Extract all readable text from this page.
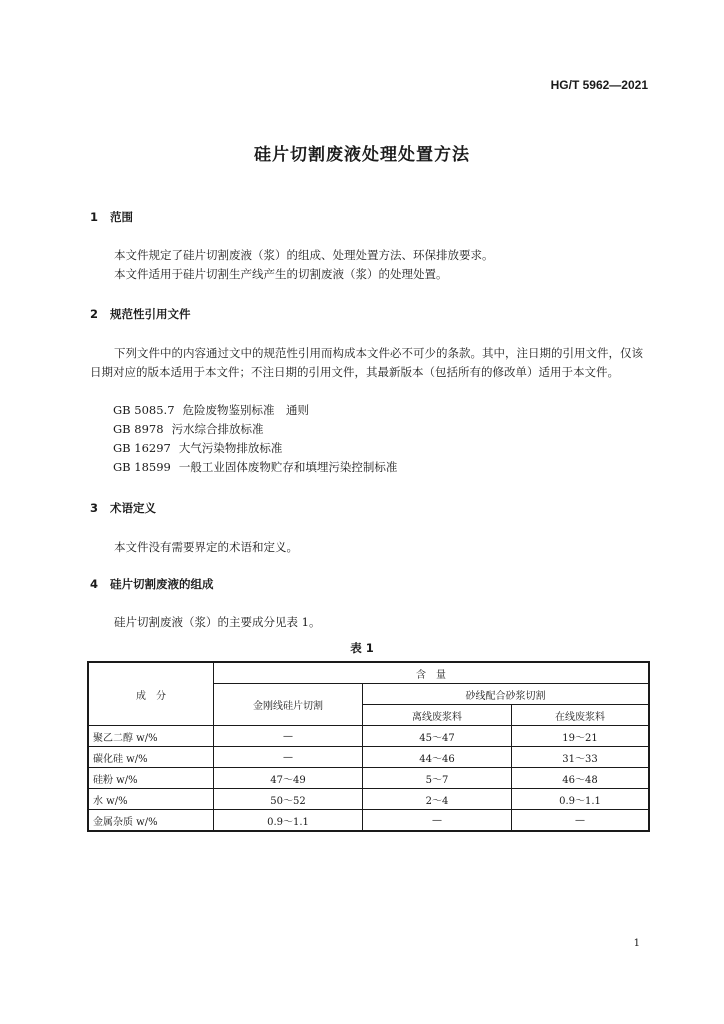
HG/T 5962—2021
硅片切割废液处理处置方法
1 范围
本文件规定了硅片切割废液（浆）的组成、处理处置方法、环保排放要求。
本文件适用于硅片切割生产线产生的切割废液（浆）的处理处置。
2 规范性引用文件
下列文件中的内容通过文中的规范性引用而构成本文件必不可少的条款。其中，注日期的引用文件，仅该日期对应的版本适用于本文件；不注日期的引用文件，其最新版本（包括所有的修改单）适用于本文件。
GB 5085.7 危险废物鉴别标准　通则
GB 8978 污水综合排放标准
GB 16297 大气污染物排放标准
GB 18599 一般工业固体废物贮存和填埋污染控制标准
3 术语定义
本文件没有需要界定的术语和定义。
4 硅片切割废液的组成
硅片切割废液（浆）的主要成分见表 1。
表 1
成　分	含　量		
	金刚线硅片切割	砂线配合砂浆切割	
		离线废浆料	在线废浆料
聚乙二醇 w/%	—	45～47	19～21
碳化硅 w/%	—	44～46	31～33
硅粉 w/%	47～49	5～7	46～48
水 w/%	50～52	2～4	0.9～1.1
金属杂质 w/%	0.9～1.1	—	—
1
